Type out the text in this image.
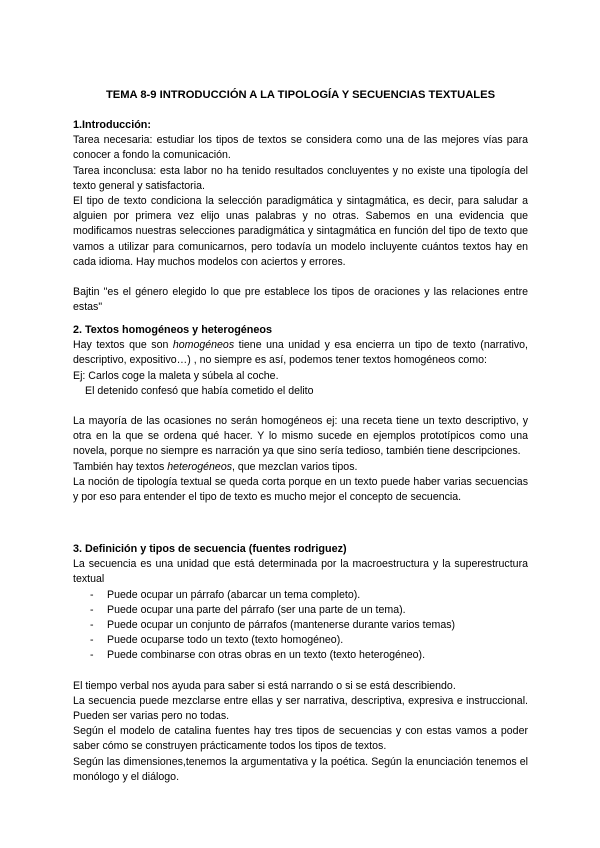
TEMA 8-9 INTRODUCCIÓN A LA TIPOLOGÍA Y SECUENCIAS TEXTUALES
1.Introducción:

Tarea necesaria: estudiar los tipos de textos se considera como una de las mejores vías para conocer a fondo la comunicación.

Tarea inconclusa: esta labor no ha tenido resultados concluyentes y no existe una tipología del texto general y satisfactoria.

El tipo de texto condiciona la selección paradigmática y sintagmática, es decir, para saludar a alguien por primera vez elijo unas palabras y no otras. Sabemos en una evidencia que modificamos nuestras selecciones paradigmática y sintagmática en función del tipo de texto que vamos a utilizar para comunicarnos, pero todavía un modelo incluyente cuántos textos hay en cada idioma. Hay muchos modelos con aciertos y errores.

Bajtin "es el género elegido lo que pre establece los tipos de oraciones y las relaciones entre estas"

2. Textos homogéneos y heterogéneos

Hay textos que son homogéneos tiene una unidad y esa encierra un tipo de texto (narrativo, descriptivo, expositivo…) , no siempre es así, podemos tener textos homogéneos como:

Ej: Carlos coge la maleta y súbela al coche.

El detenido confesó que había cometido el delito

La mayoría de las ocasiones no serán homogéneos ej: una receta tiene un texto descriptivo, y otra en la que se ordena qué hacer. Y lo mismo sucede en ejemplos prototípicos como una novela, porque no siempre es narración ya que sino sería tedioso, también tiene descripciones.

También hay textos heterogéneos, que mezclan varios tipos.

La noción de tipología textual se queda corta porque en un texto puede haber varias secuencias y por eso para entender el tipo de texto es mucho mejor el concepto de secuencia.

3. Definición y tipos de secuencia (fuentes rodriguez)

La secuencia es una unidad que está determinada por la macroestructura y la superestructura textual

- Puede ocupar un párrafo (abarcar un tema completo).
- Puede ocupar una parte del párrafo (ser una parte de un tema).
- Puede ocupar un conjunto de párrafos (mantenerse durante varios temas)
- Puede ocuparse todo un texto (texto homogéneo).
- Puede combinarse con otras obras en un texto (texto heterogéneo).

El tiempo verbal nos ayuda para saber si está narrando o si se está describiendo.

La secuencia puede mezclarse entre ellas y ser narrativa, descriptiva, expresiva e instruccional. Pueden ser varias pero no todas.

Según el modelo de catalina fuentes hay tres tipos de secuencias y con estas vamos a poder saber cómo se construyen prácticamente todos los tipos de textos.

Según las dimensiones,tenemos la argumentativa y la poética. Según la enunciación tenemos el monólogo y el diálogo.
